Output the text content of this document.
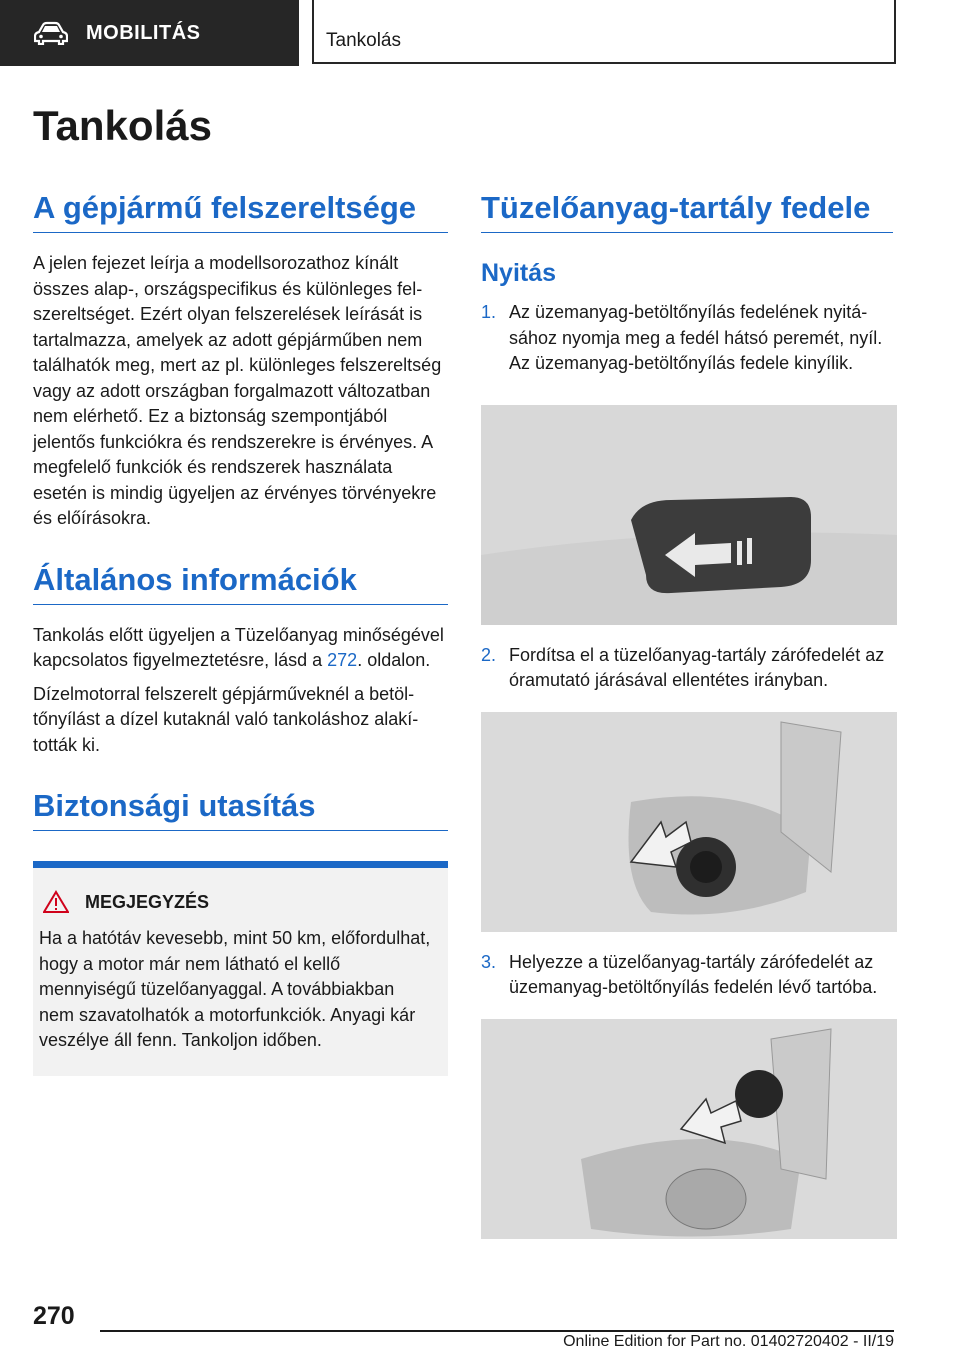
MOBILITÁS	Tankolás
Tankolás
A gépjármű felszereltsége

A jelen fejezet leírja a modellsorozathoz kínált összes alap-, országspecifikus és különleges felszereltséget. Ezért olyan felszerelések leírását is tartalmazza, amelyek az adott gépjárműben nem találhatók meg, mert az pl. különleges felszereltség vagy az adott országban forgalmazott változatban nem elérhető. Ez a biztonság szempontjából jelentős funkciókra és rendszerekre is érvényes. A megfelelő funkciók és rendszerek használata esetén is mindig ügyeljen az érvényes törvényekre és előírásokra.

Általános információk

Tankolás előtt ügyeljen a Tüzelőanyag minőségével kapcsolatos figyelmeztetésre, lásd a 272. oldalon.

Dízelmotorral felszerelt gépjárműveknél a betöltőnyílást a dízel kutaknál való tankoláshoz alakították ki.

Biztonsági utasítás
MEGJEGYZÉS

Ha a hatótáv kevesebb, mint 50 km, előfordulhat, hogy a motor már nem látható el kellő mennyiségű tüzelőanyaggal. A továbbiakban nem szavatolhatók a motorfunkciók. Anyagi kár veszélye áll fenn. Tankoljon időben.

Tüzelőanyag-tartály fedele
Nyitás
1. Az üzemanyag-betöltőnyílás fedelének nyitásához nyomja meg a fedél hátsó peremét, nyíl. Az üzemanyag-betöltőnyílás fedele kinyílik.
2. Fordítsa el a tüzelőanyag-tartály zárófedelét az óramutató járásával ellentétes irányban.
3. Helyezze a tüzelőanyag-tartály zárófedelét az üzemanyag-betöltőnyílás fedelén lévő tartóba.
270
Online Edition for Part no. 01402720402 - II/19
